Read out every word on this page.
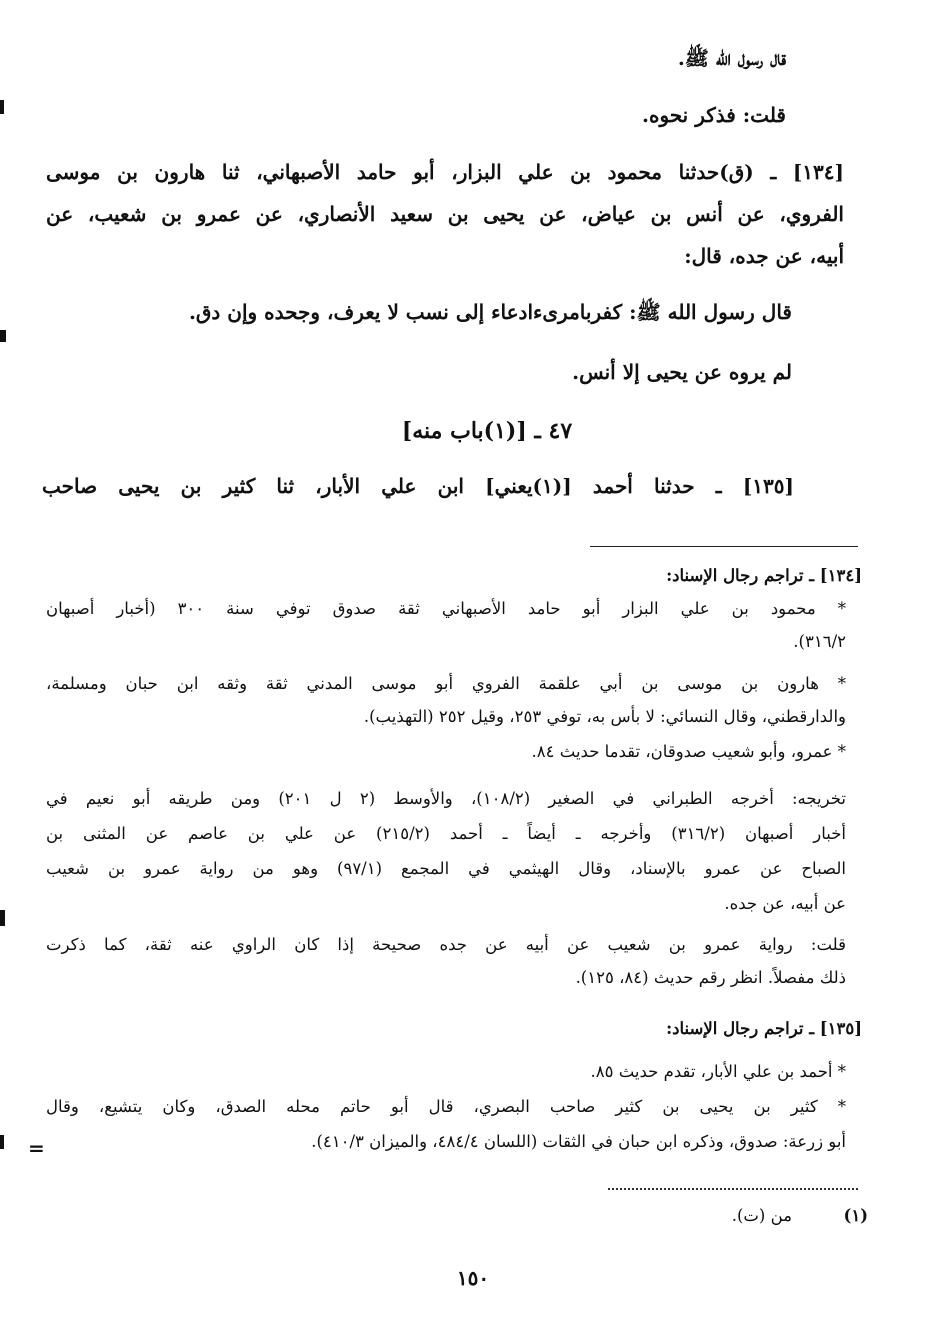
قال رسول الله ﷺ.
قلت: فذكر نحوه.
[١٣٤] ـ (ق)حدثنا محمود بن علي البزار، أبو حامد الأصبهاني، ثنا هارون بن موسى
الفروي، عن أنس بن عياض، عن يحيى بن سعيد الأنصاري، عن عمرو بن شعيب، عن
أبيه، عن جده، قال:
قال رسول الله ﷺ: كفربامرىءادعاء إلى نسب لا يعرف، وجحده وإن دق.
لم يروه عن يحيى إلا أنس.
٤٧ ـ [(١)باب منه]
[١٣٥] ـ حدثنا أحمد [(١)يعني] ابن علي الأبار، ثنا كثير بن يحيى صاحب
[١٣٤] ـ تراجم رجال الإسناد:
* محمود بن علي البزار أبو حامد الأصبهاني ثقة صدوق توفي سنة ٣٠٠ (أخبار أصبهان
٣١٦/٢).
* هارون بن موسى بن أبي علقمة الفروي أبو موسى المدني ثقة وثقه ابن حبان ومسلمة،
والدارقطني، وقال النسائي: لا بأس به، توفي ٢٥٣، وقيل ٢٥٢ (التهذيب).
* عمرو، وأبو شعيب صدوقان، تقدما حديث ٨٤.
تخريجه: أخرجه الطبراني في الصغير (١٠٨/٢)، والأوسط (٢ ل ٢٠١) ومن طريقه أبو نعيم في
أخبار أصبهان (٣١٦/٢) وأخرجه ـ أيضاً ـ أحمد (٢١٥/٢) عن علي بن عاصم عن المثنى بن
الصباح عن عمرو بالإسناد، وقال الهيثمي في المجمع (٩٧/١) وهو من رواية عمرو بن شعيب
عن أبيه، عن جده.
قلت: رواية عمرو بن شعيب عن أبيه عن جده صحيحة إذا كان الراوي عنه ثقة، كما ذكرت
ذلك مفصلاً. انظر رقم حديث (٨٤، ١٢٥).
[١٣٥] ـ تراجم رجال الإسناد:
* أحمد بن علي الأبار، تقدم حديث ٨٥.
* كثير بن يحيى بن كثير صاحب البصري، قال أبو حاتم محله الصدق، وكان يتشيع، وقال
أبو زرعة: صدوق، وذكره ابن حبان في الثقات (اللسان ٤٨٤/٤، والميزان ٤١٠/٣).
=
(١)
من (ت).
١٥٠
